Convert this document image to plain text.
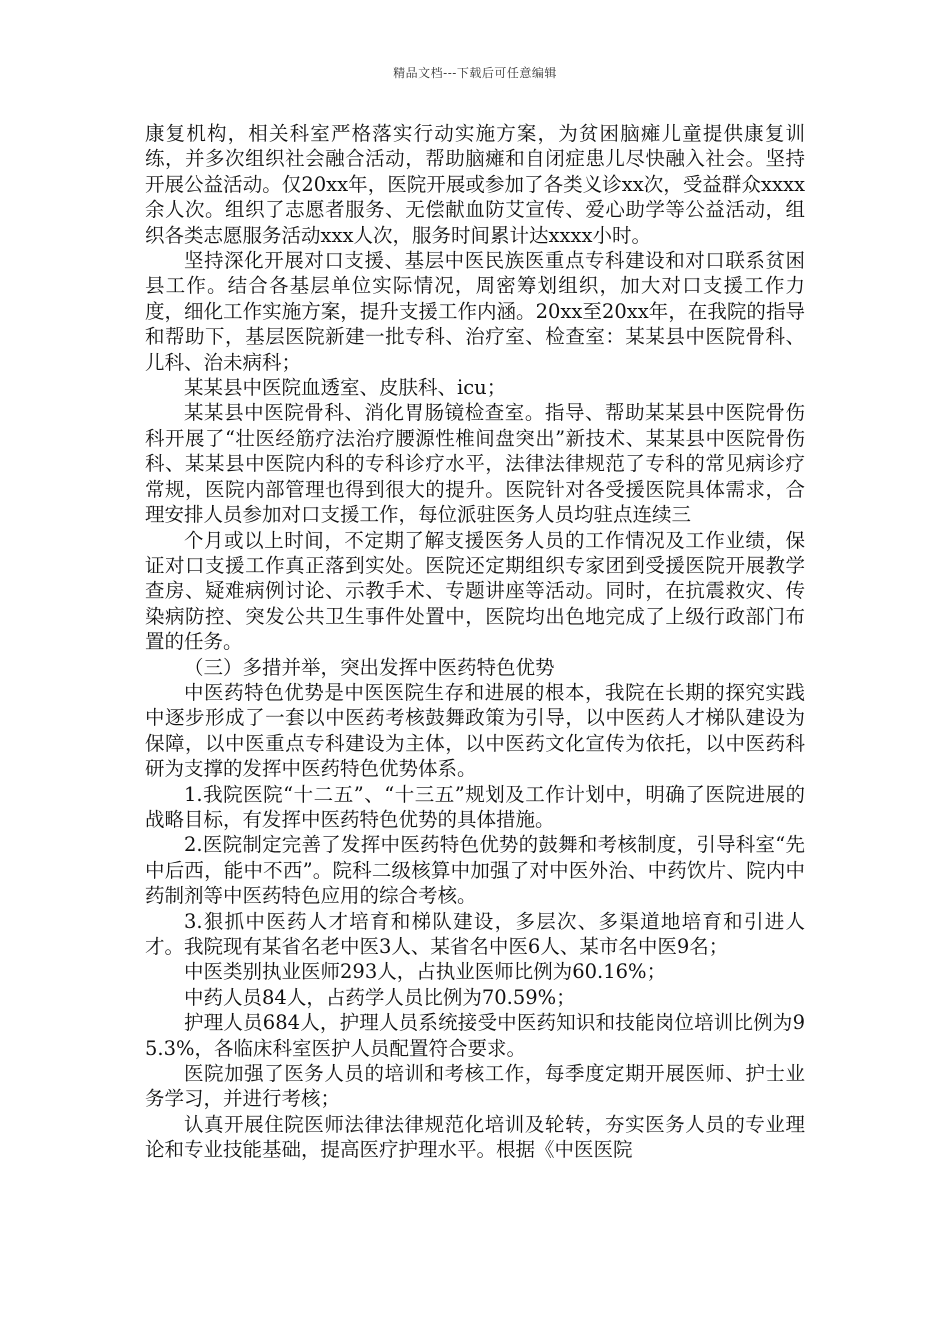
精品文档---下载后可任意编辑

康复机构，相关科室严格落实行动实施方案，为贫困脑瘫儿童提供康复训练，并多次组织社会融合活动，帮助脑瘫和自闭症患儿尽快融入社会。坚持开展公益活动。仅20xx年，医院开展或参加了各类义诊xx次，受益群众xxxx余人次。组织了志愿者服务、无偿献血防艾宣传、爱心助学等公益活动，组织各类志愿服务活动xxx人次，服务时间累计达xxxx小时。

坚持深化开展对口支援、基层中医民族医重点专科建设和对口联系贫困县工作。结合各基层单位实际情况，周密筹划组织，加大对口支援工作力度，细化工作实施方案，提升支援工作内涵。20xx至20xx年，在我院的指导和帮助下，基层医院新建一批专科、治疗室、检查室：某某县中医院骨科、儿科、治未病科；

某某县中医院血透室、皮肤科、icu；

某某县中医院骨科、消化胃肠镜检查室。指导、帮助某某县中医院骨伤科开展了“壮医经筋疗法治疗腰源性椎间盘突出”新技术、某某县中医院骨伤科、某某县中医院内科的专科诊疗水平，法律法律规范了专科的常见病诊疗常规，医院内部管理也得到很大的提升。医院针对各受援医院具体需求，合理安排人员参加对口支援工作，每位派驻医务人员均驻点连续三

个月或以上时间，不定期了解支援医务人员的工作情况及工作业绩，保证对口支援工作真正落到实处。医院还定期组织专家团到受援医院开展教学查房、疑难病例讨论、示教手术、专题讲座等活动。同时，在抗震救灾、传染病防控、突发公共卫生事件处置中，医院均出色地完成了上级行政部门布置的任务。

（三）多措并举，突出发挥中医药特色优势

中医药特色优势是中医医院生存和进展的根本，我院在长期的探究实践中逐步形成了一套以中医药考核鼓舞政策为引导，以中医药人才梯队建设为保障，以中医重点专科建设为主体，以中医药文化宣传为依托，以中医药科研为支撑的发挥中医药特色优势体系。

1.我院医院“十二五”、“十三五”规划及工作计划中，明确了医院进展的战略目标，有发挥中医药特色优势的具体措施。

2.医院制定完善了发挥中医药特色优势的鼓舞和考核制度，引导科室“先中后西，能中不西”。院科二级核算中加强了对中医外治、中药饮片、院内中药制剂等中医药特色应用的综合考核。

3.狠抓中医药人才培育和梯队建设，多层次、多渠道地培育和引进人才。我院现有某省名老中医3人、某省名中医6人、某市名中医9名；

中医类别执业医师293人，占执业医师比例为60.16%；

中药人员84人，占药学人员比例为70.59%；

护理人员684人，护理人员系统接受中医药知识和技能岗位培训比例为95.3%，各临床科室医护人员配置符合要求。

医院加强了医务人员的培训和考核工作，每季度定期开展医师、护士业务学习，并进行考核；

认真开展住院医师法律法律规范化培训及轮转，夯实医务人员的专业理论和专业技能基础，提高医疗护理水平。根据《中医医院
